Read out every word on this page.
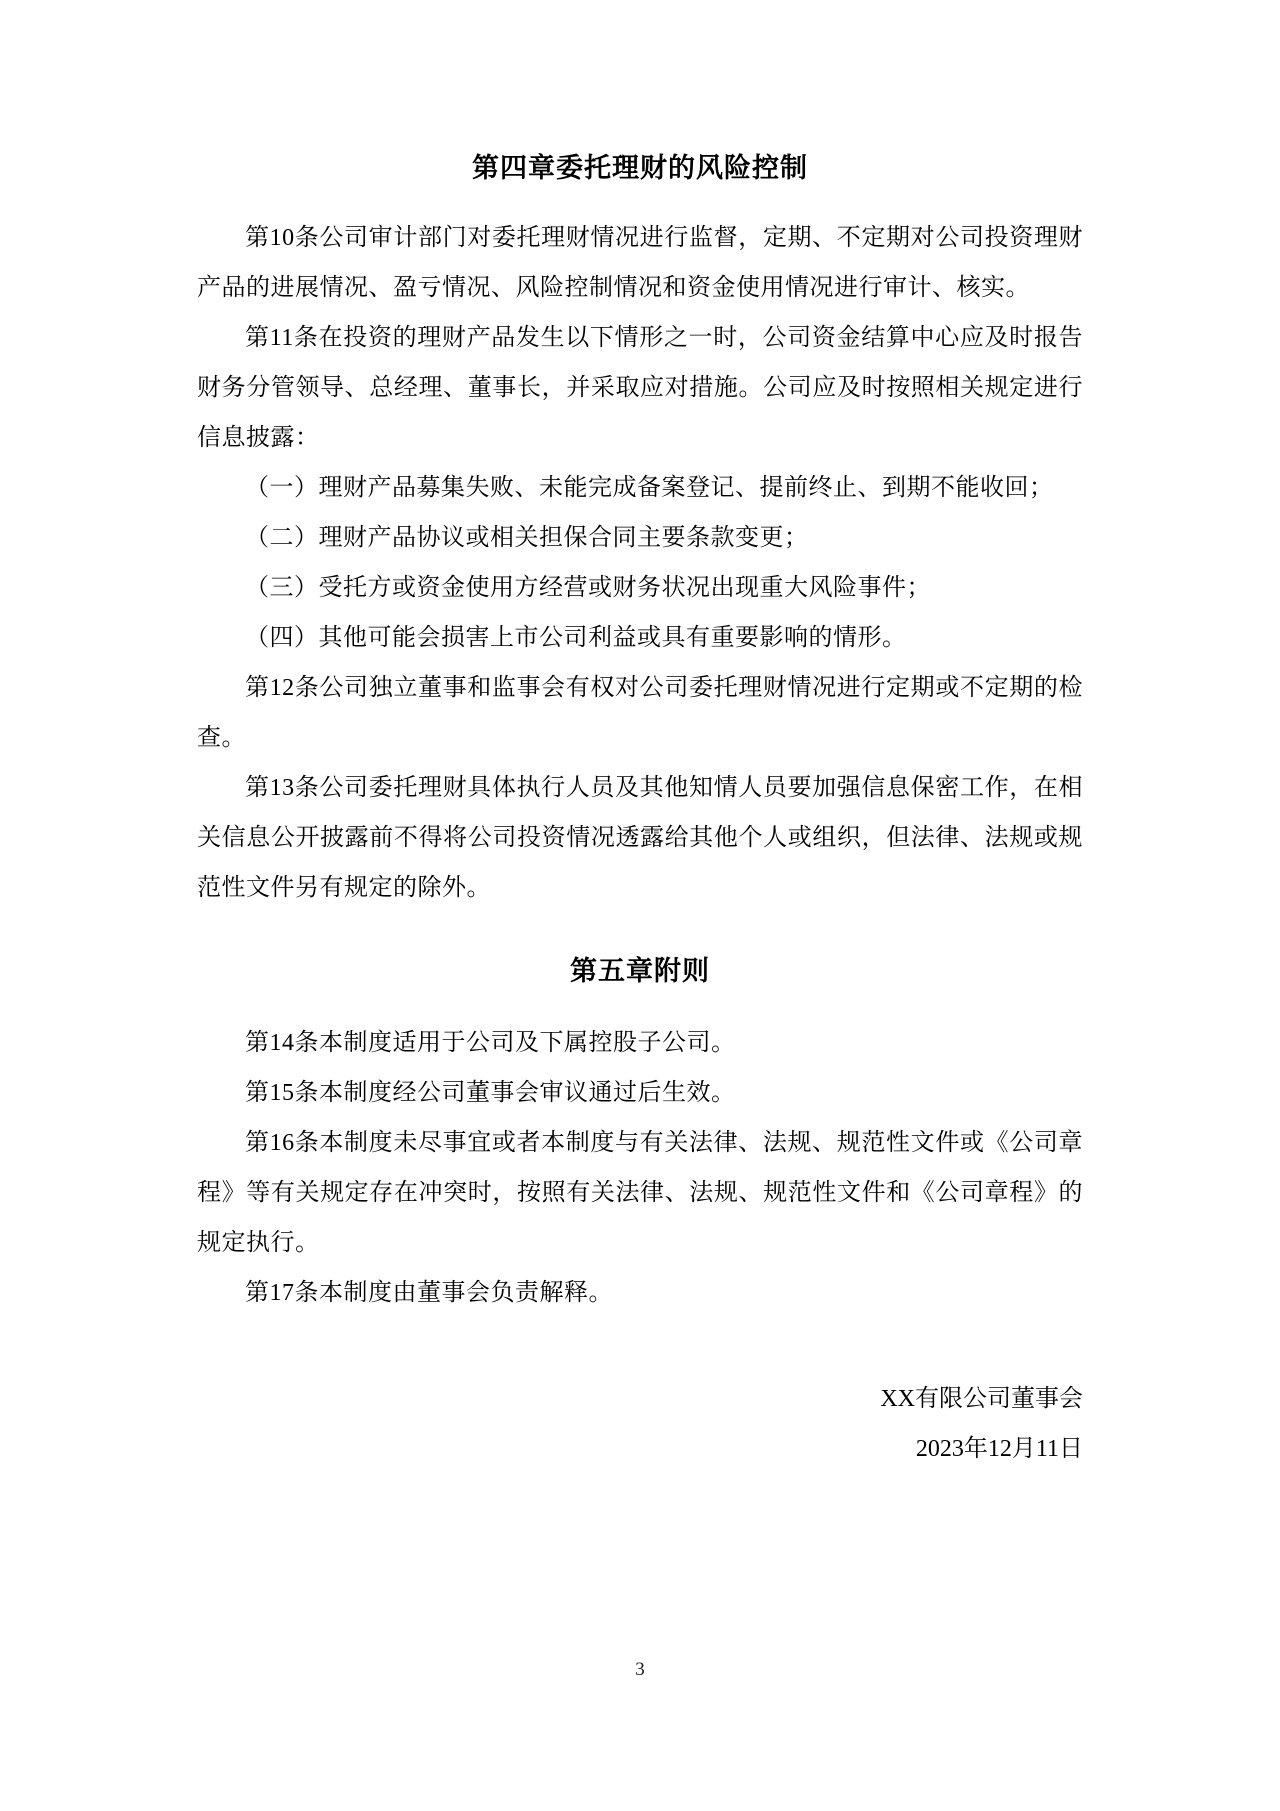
第四章委托理财的风险控制

第10条公司审计部门对委托理财情况进行监督，定期、不定期对公司投资理财产品的进展情况、盈亏情况、风险控制情况和资金使用情况进行审计、核实。

第11条在投资的理财产品发生以下情形之一时，公司资金结算中心应及时报告财务分管领导、总经理、董事长，并采取应对措施。公司应及时按照相关规定进行信息披露：

（一）理财产品募集失败、未能完成备案登记、提前终止、到期不能收回；

（二）理财产品协议或相关担保合同主要条款变更；

（三）受托方或资金使用方经营或财务状况出现重大风险事件；

（四）其他可能会损害上市公司利益或具有重要影响的情形。

第12条公司独立董事和监事会有权对公司委托理财情况进行定期或不定期的检查。

第13条公司委托理财具体执行人员及其他知情人员要加强信息保密工作，在相关信息公开披露前不得将公司投资情况透露给其他个人或组织，但法律、法规或规范性文件另有规定的除外。

第五章附则

第14条本制度适用于公司及下属控股子公司。

第15条本制度经公司董事会审议通过后生效。

第16条本制度未尽事宜或者本制度与有关法律、法规、规范性文件或《公司章程》等有关规定存在冲突时，按照有关法律、法规、规范性文件和《公司章程》的规定执行。

第17条本制度由董事会负责解释。

XX有限公司董事会

2023年12月11日

3
